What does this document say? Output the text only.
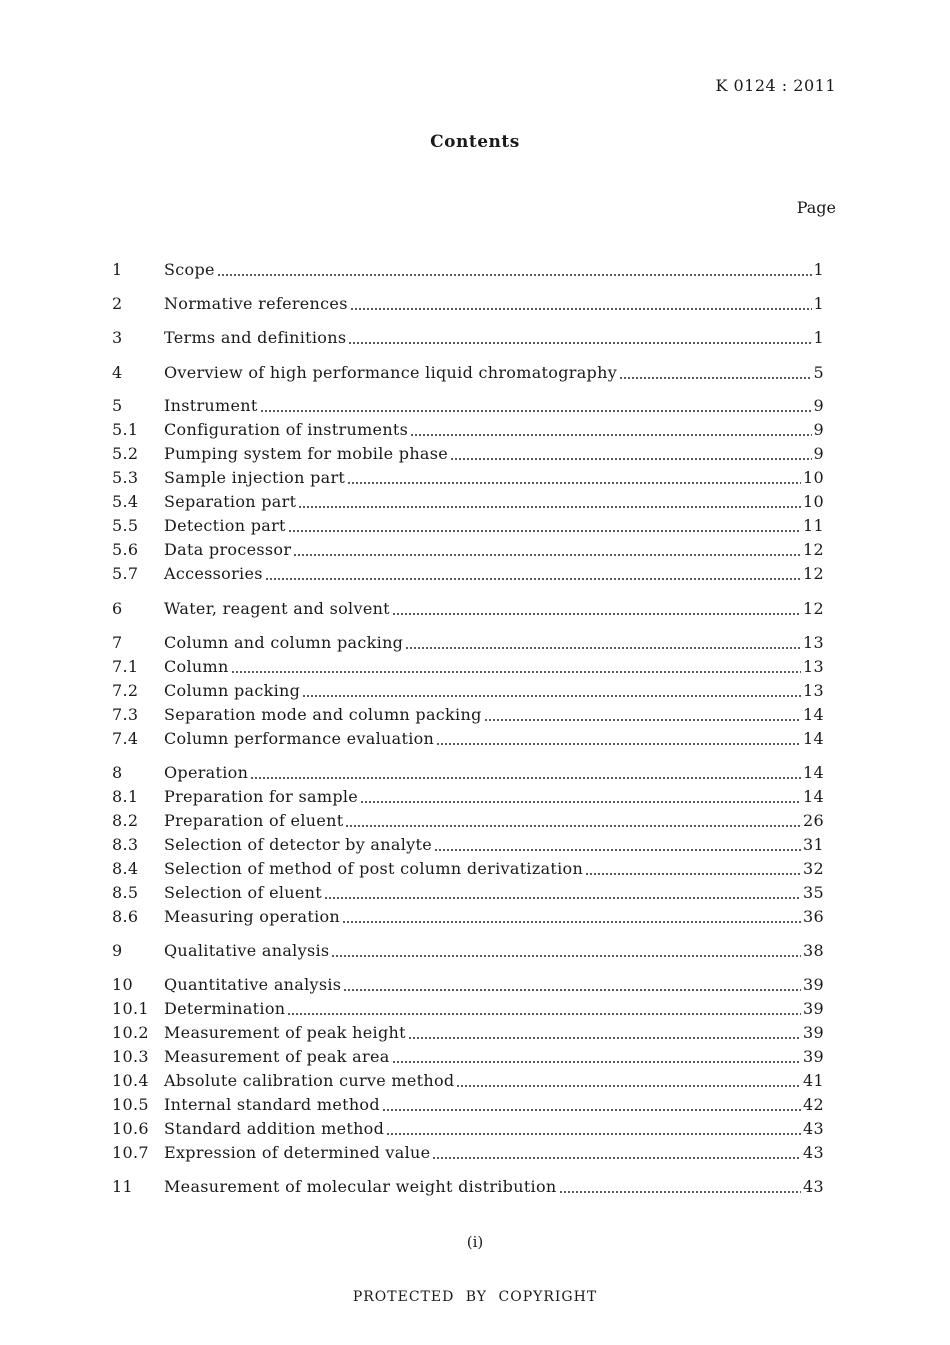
K 0124 : 2011
Contents
Page
1	Scope	1
2	Normative references	1
3	Terms and definitions	1
4	Overview of high performance liquid chromatography	5
5	Instrument	9
5.1	Configuration of instruments	9
5.2	Pumping system for mobile phase	9
5.3	Sample injection part	10
5.4	Separation part	10
5.5	Detection part	11
5.6	Data processor	12
5.7	Accessories	12
6	Water, reagent and solvent	12
7	Column and column packing	13
7.1	Column	13
7.2	Column packing	13
7.3	Separation mode and column packing	14
7.4	Column performance evaluation	14
8	Operation	14
8.1	Preparation for sample	14
8.2	Preparation of eluent	26
8.3	Selection of detector by analyte	31
8.4	Selection of method of post column derivatization	32
8.5	Selection of eluent	35
8.6	Measuring operation	36
9	Qualitative analysis	38
10	Quantitative analysis	39
10.1 Determination	39
10.2 Measurement of peak height	39
10.3 Measurement of peak area	39
10.4 Absolute calibration curve method	41
10.5 Internal standard method	42
10.6 Standard addition method	43
10.7 Expression of determined value	43
11	Measurement of molecular weight distribution	43
(i)
PROTECTED BY COPYRIGHT
